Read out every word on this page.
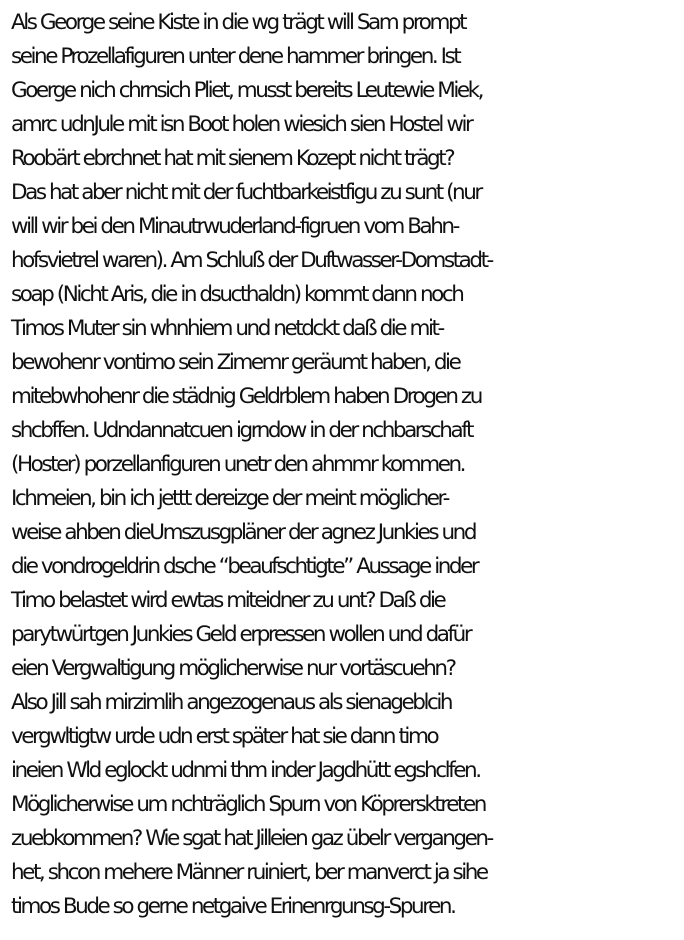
Als George seine Kiste in die wg trägt will Sam prompt
seine Prozellafiguren unter dene hammer bringen. Ist
Goerge nich chrnsich Pliet, musst bereits Leutewie Miek,
amrc udnJule mit isn Boot holen wiesich sien Hostel wir
Roobärt ebrchnet hat mit sienem Kozept nicht trägt?
Das hat aber nicht mit der fuchtbarkeistfigu zu sunt (nur
will wir bei den Minautrwuderland-figruen vom Bahn-
hofsvietrel waren). Am Schluß der Duftwasser-Domstadt-
soap (Nicht Aris, die in dsucthaldn) kommt dann noch
Timos Muter sin whnhiem und netdckt daß die mit-
bewohenr vontimo sein Zimemr geräumt haben, die
mitebwhohenr die städnig Geldrblem haben Drogen zu
shcbffen. Udndannatcuen igrndow in der nchbarschaft
(Hoster) porzellanfiguren unetr den ahmmr kommen.
Ichmeien, bin ich jettt dereizge der meint möglicher-
weise ahben dieUmszusgpläner der agnez Junkies und
die vondrogeldrin dsche “beaufschtigte” Aussage inder
Timo belastet wird ewtas miteidner zu unt? Daß die
parytwürtgen Junkies Geld erpressen wollen und dafür
eien Vergwaltigung möglicherwise nur vortäscuehn?
Also Jill sah mirzimlih angezogenaus als sienageblcih
vergwltigtw urde udn erst später hat sie dann timo
ineien Wld eglockt udnmi thm inder Jagdhütt egshclfen.
Möglicherwise um nchträglich Spurn von Köprersktreten
zuebkommen? Wie sgat hat Jilleien gaz übelr vergangen-
het, shcon mehere Männer ruiniert, ber manverct ja sihe
timos Bude so gerne netgaive Erinenrgunsg-Spuren.
